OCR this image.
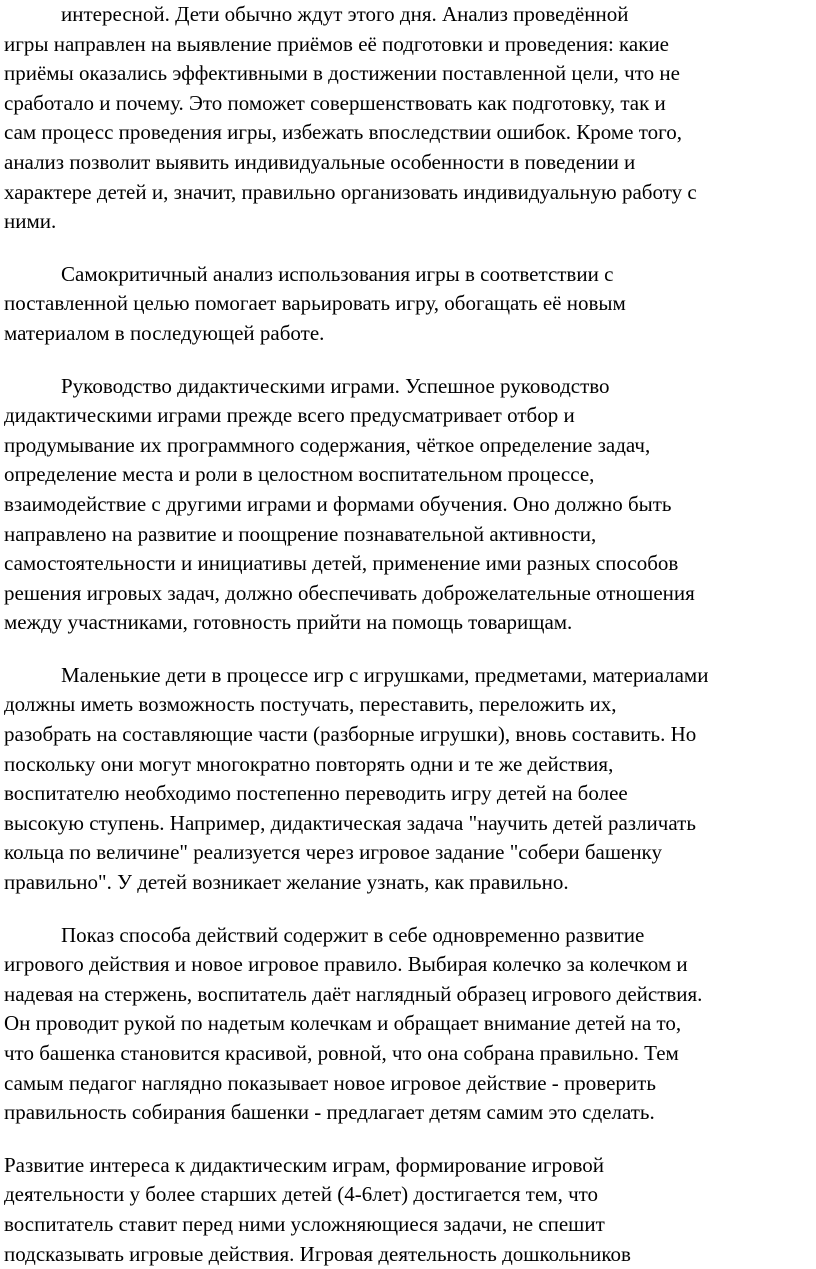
интересной. Дети обычно ждут этого дня. Анализ проведённой
игры направлен на выявление приёмов её подготовки и проведения: какие
приёмы оказались эффективными в достижении поставленной цели, что не
сработало и почему. Это поможет совершенствовать как подготовку, так и
сам процесс проведения игры, избежать впоследствии ошибок. Кроме того,
анализ позволит выявить индивидуальные особенности в поведении и
характере детей и, значит, правильно организовать индивидуальную работу с
ними.
Самокритичный анализ использования игры в соответствии с
поставленной целью помогает варьировать игру, обогащать её новым
материалом в последующей работе.
Руководство дидактическими играми. Успешное руководство
дидактическими играми прежде всего предусматривает отбор и
продумывание их программного содержания, чёткое определение задач,
определение места и роли в целостном воспитательном процессе,
взаимодействие с другими играми и формами обучения. Оно должно быть
направлено на развитие и поощрение познавательной активности,
самостоятельности и инициативы детей, применение ими разных способов
решения игровых задач, должно обеспечивать доброжелательные отношения
между участниками, готовность прийти на помощь товарищам.
Маленькие дети в процессе игр с игрушками, предметами, материалами
должны иметь возможность постучать, переставить, переложить их,
разобрать на составляющие части (разборные игрушки), вновь составить. Но
поскольку они могут многократно повторять одни и те же действия,
воспитателю необходимо постепенно переводить игру детей на более
высокую ступень. Например, дидактическая задача "научить детей различать
кольца по величине" реализуется через игровое задание "собери башенку
правильно". У детей возникает желание узнать, как правильно.
Показ способа действий содержит в себе одновременно развитие
игрового действия и новое игровое правило. Выбирая колечко за колечком и
надевая на стержень, воспитатель даёт наглядный образец игрового действия.
Он проводит рукой по надетым колечкам и обращает внимание детей на то,
что башенка становится красивой, ровной, что она собрана правильно. Тем
самым педагог наглядно показывает новое игровое действие - проверить
правильность собирания башенки - предлагает детям самим это сделать.
Развитие интереса к дидактическим играм, формирование игровой
деятельности у более старших детей (4-6лет) достигается тем, что
воспитатель ставит перед ними усложняющиеся задачи, не спешит
подсказывать игровые действия. Игровая деятельность дошкольников
